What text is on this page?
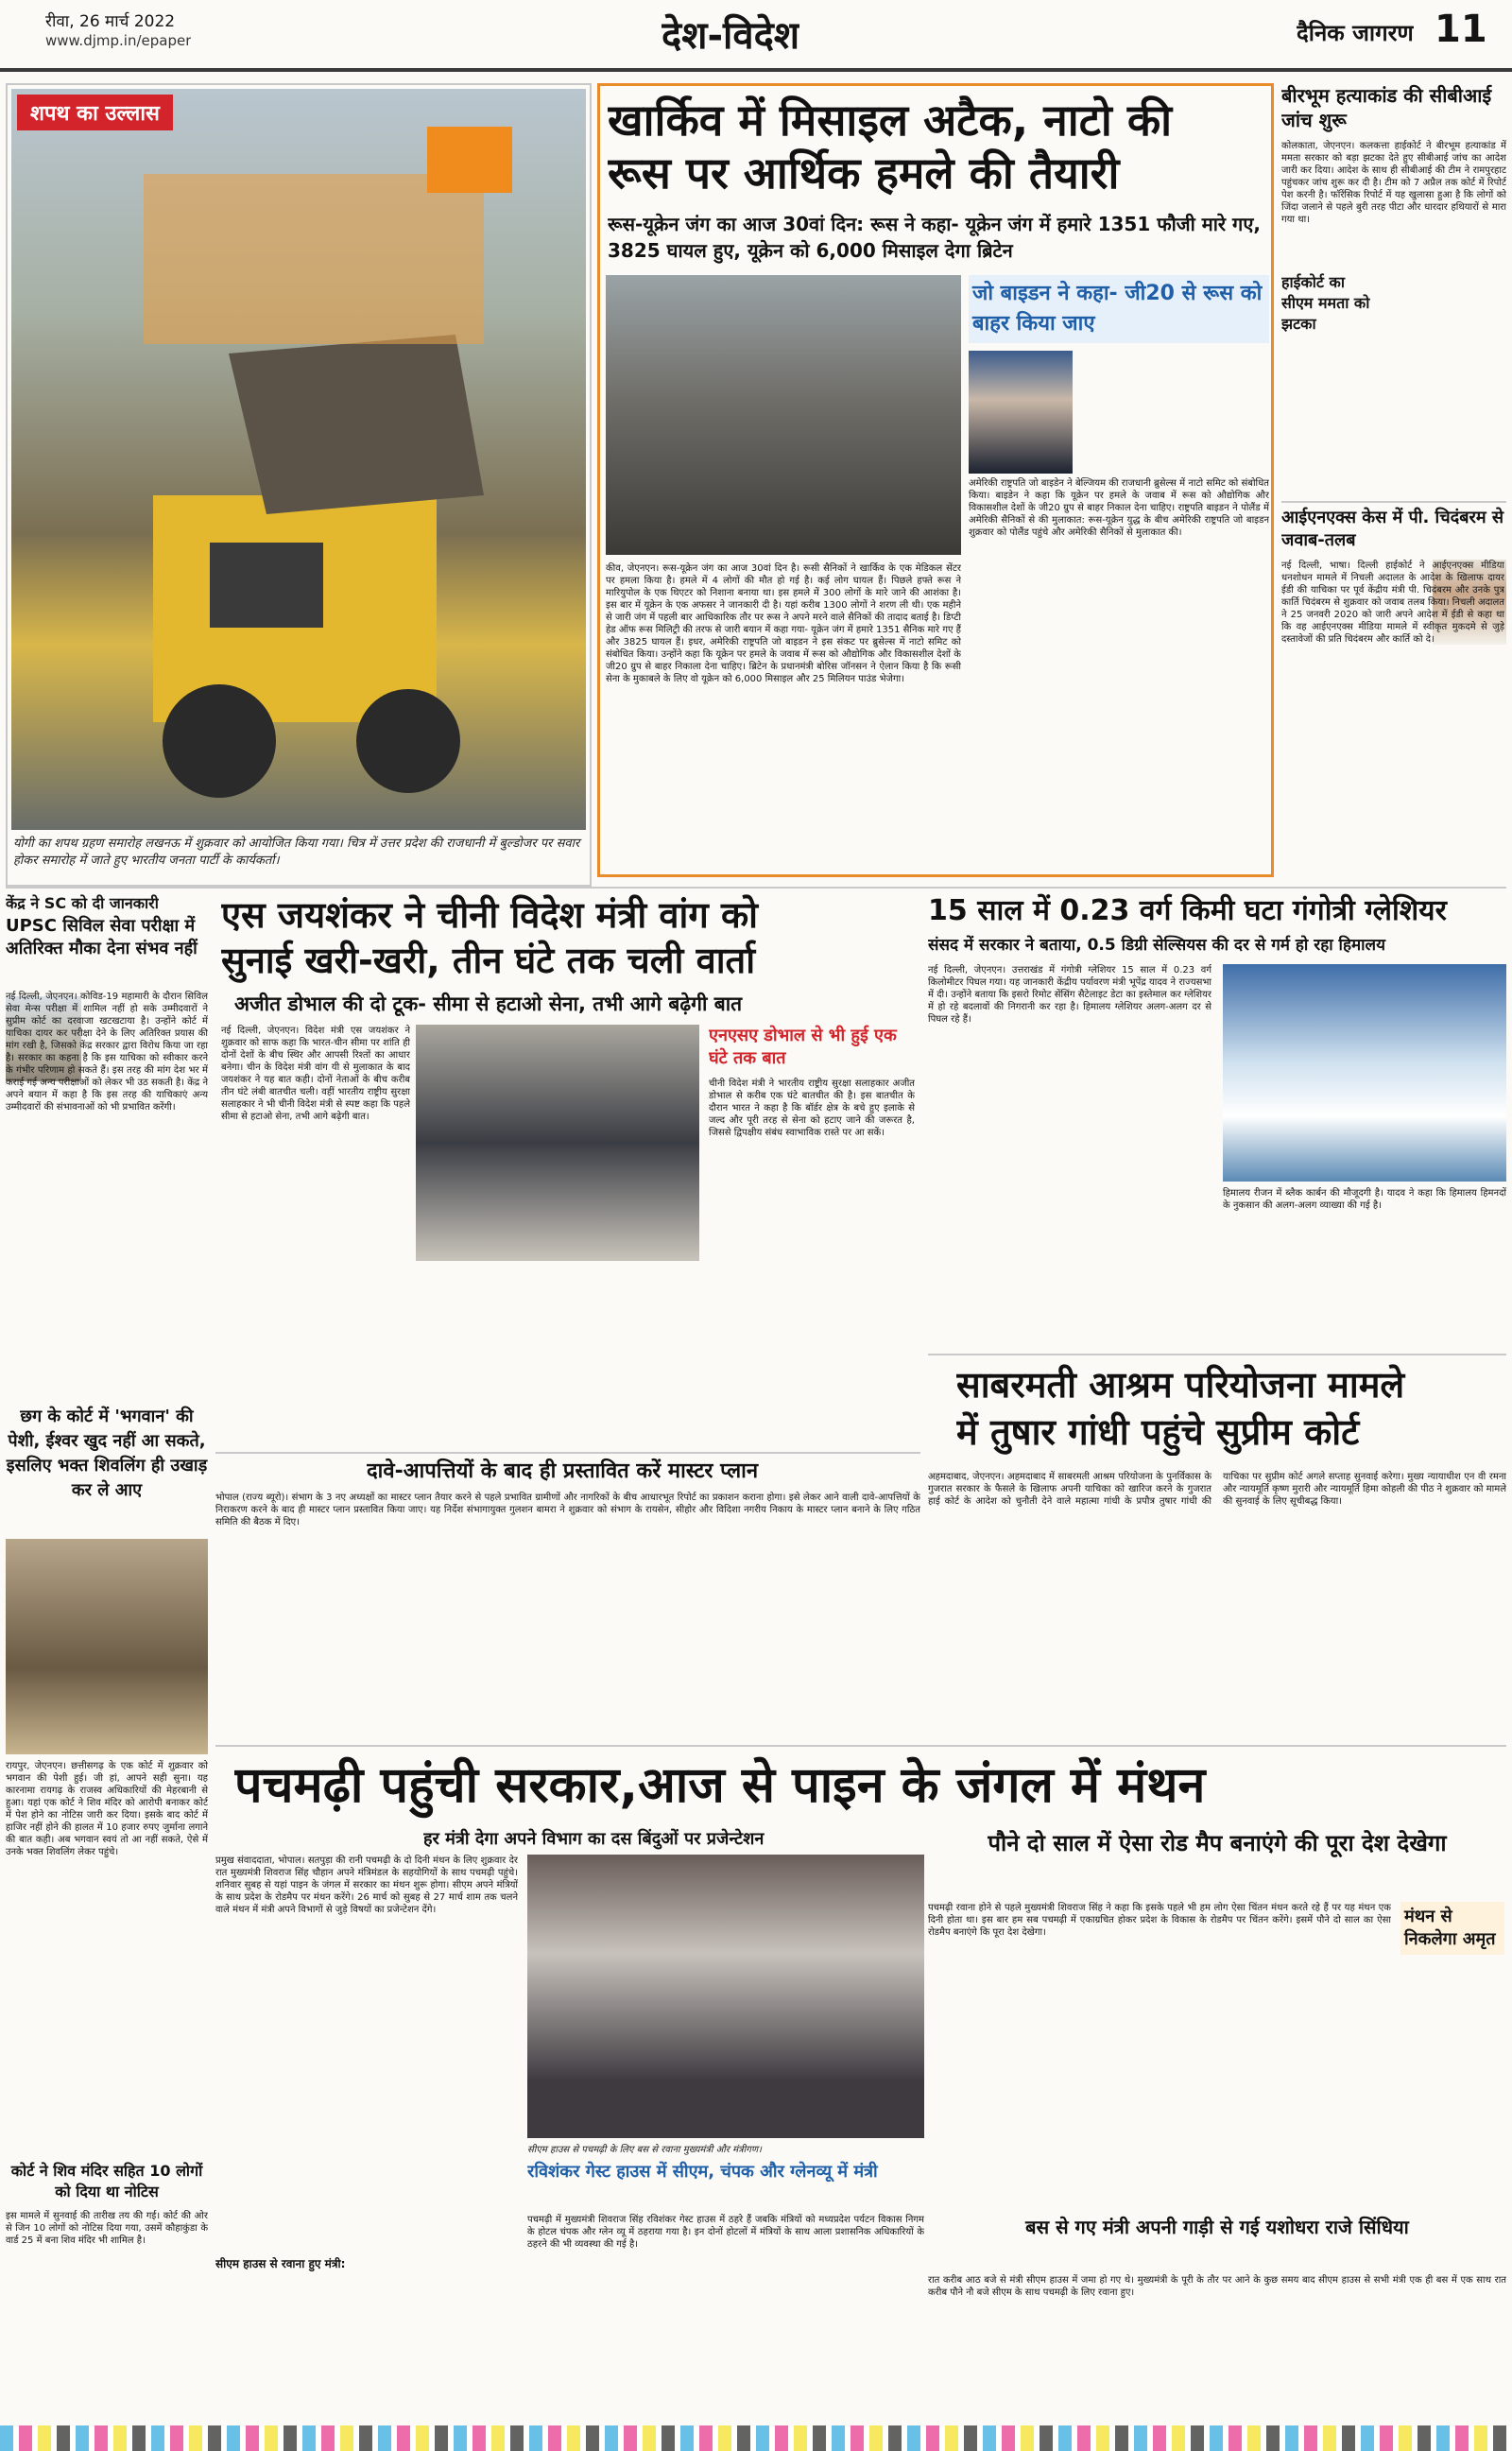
रीवा, 26 मार्च 2022
www.djmp.in/epaper	देश-विदेश	दैनिक जागरण 11
शपथ का उल्लास
योगी का शपथ ग्रहण समारोह लखनऊ में शुक्रवार को आयोजित किया गया। चित्र में उत्तर प्रदेश की राजधानी में बुल्डोजर पर सवार होकर समारोह में जाते हुए भारतीय जनता पार्टी के कार्यकर्ता।
खार्किव में मिसाइल अटैक, नाटो की
रूस पर आर्थिक हमले की तैयारी
रूस-यूक्रेन जंग का आज 30वां दिन: रूस ने कहा- यूक्रेन जंग में हमारे 1351 फौजी मारे गए, 3825 घायल हुए, यूक्रेन को 6,000 मिसाइल देगा ब्रिटेन
जो बाइडन ने कहा- जी20 से रूस को बाहर किया जाए
अमेरिकी राष्ट्रपति जो बाइडेन ने बेल्जियम की राजधानी ब्रुसेल्स में नाटो समिट को संबोधित किया। बाइडेन ने कहा कि यूक्रेन पर हमले के जवाब में रूस को औद्योगिक और विकासशील देशों के जी20 ग्रुप से बाहर निकाल देना चाहिए। राष्ट्रपति बाइडन ने पोलैंड में अमेरिकी सैनिकों से की मुलाकात: रूस-यूक्रेन युद्ध के बीच अमेरिकी राष्ट्रपति जो बाइडन शुक्रवार को पोलैंड पहुंचे और अमेरिकी सैनिकों से मुलाकात की।
कीव, जेएनएन। रूस-यूक्रेन जंग का आज 30वां दिन है। रूसी सैनिकों ने खार्किव के एक मेडिकल सेंटर पर हमला किया है। हमले में 4 लोगों की मौत हो गई है। कई लोग घायल हैं। पिछले हफ्ते रूस ने मारियुपोल के एक थिएटर को निशाना बनाया था। इस हमले में 300 लोगों के मारे जाने की आशंका है। इस बार में यूक्रेन के एक अफसर ने जानकारी दी है। यहां करीब 1300 लोगों ने शरण ली थी। एक महीने से जारी जंग में पहली बार आधिकारिक तौर पर रूस ने अपने मरने वाले सैनिकों की तादाद बताई है। डिप्टी हेड ऑफ रूस मिलिट्री की तरफ से जारी बयान में कहा गया- यूक्रेन जंग में हमारे 1351 सैनिक मारे गए हैं और 3825 घायल हैं। इधर, अमेरिकी राष्ट्रपति जो बाइडन ने इस संकट पर ब्रुसेल्स में नाटो समिट को संबोधित किया। उन्होंने कहा कि यूक्रेन पर हमले के जवाब में रूस को औद्योगिक और विकासशील देशों के जी20 ग्रुप से बाहर निकाला देना चाहिए। ब्रिटेन के प्रधानमंत्री बोरिस जॉनसन ने ऐलान किया है कि रूसी सेना के मुकाबले के लिए वो यूक्रेन को 6,000 मिसाइल और 25 मिलियन पाउंड भेजेगा।
बीरभूम हत्याकांड की सीबीआई जांच शुरू
हाईकोर्ट का सीएम ममता को झटका
कोलकाता, जेएनएन। कलकत्ता हाईकोर्ट ने बीरभूम हत्याकांड में ममता सरकार को बड़ा झटका देते हुए सीबीआई जांच का आदेश जारी कर दिया। आदेश के साथ ही सीबीआई की टीम ने रामपुरहाट पहुंचकर जांच शुरू कर दी है। टीम को 7 अप्रैल तक कोर्ट में रिपोर्ट पेश करनी है। फॉरेंसिक रिपोर्ट में यह खुलासा हुआ है कि लोगों को जिंदा जलाने से पहले बुरी तरह पीटा और धारदार हथियारों से मारा गया था।
आईएनएक्स केस में पी. चिदंबरम से जवाब-तलब
नई दिल्ली, भाषा। दिल्ली हाईकोर्ट ने आईएनएक्स मीडिया धनशोधन मामले में निचली अदालत के आदेश के खिलाफ दायर ईडी की याचिका पर पूर्व केंद्रीय मंत्री पी. चिदंबरम और उनके पुत्र कार्ति चिदंबरम से शुक्रवार को जवाब तलब किया। निचली अदालत ने 25 जनवरी 2020 को जारी अपने आदेश में ईडी से कहा था कि वह आईएनएक्स मीडिया मामले में स्वीकृत मुकदमे से जुड़े दस्तावेजों की प्रति चिदंबरम और कार्ति को दे।
केंद्र ने SC को दी जानकारी
UPSC सिविल सेवा परीक्षा में अतिरिक्त मौका देना संभव नहीं
नई दिल्ली, जेएनएन। कोविड-19 महामारी के दौरान सिविल सेवा मेन्स परीक्षा में शामिल नहीं हो सके उम्मीदवारों ने सुप्रीम कोर्ट का दरवाजा खटखटाया है। उन्होंने कोर्ट में याचिका दायर कर परीक्षा देने के लिए अतिरिक्त प्रयास की मांग रखी है, जिसको केंद्र सरकार द्वारा विरोध किया जा रहा है। सरकार का कहना है कि इस याचिका को स्वीकार करने के गंभीर परिणाम हो सकते हैं। इस तरह की मांग देश भर में कराई गई अन्य परीक्षाओं को लेकर भी उठ सकती है। केंद्र ने अपने बयान में कहा है कि इस तरह की याचिकाएं अन्य उम्मीदवारों की संभावनाओं को भी प्रभावित करेंगी।
एस जयशंकर ने चीनी विदेश मंत्री वांग को
सुनाई खरी-खरी, तीन घंटे तक चली वार्ता
अजीत डोभाल की दो टूक- सीमा से हटाओ सेना, तभी आगे बढ़ेगी बात
नई दिल्ली, जेएनएन। विदेश मंत्री एस जयशंकर ने शुक्रवार को साफ कहा कि भारत-चीन सीमा पर शांति ही दोनों देशों के बीच स्थिर और आपसी रिश्तों का आधार बनेगा। चीन के विदेश मंत्री वांग यी से मुलाकात के बाद जयशंकर ने यह बात कही। दोनों नेताओं के बीच करीब तीन घंटे लंबी बातचीत चली। वहीं भारतीय राष्ट्रीय सुरक्षा सलाहकार ने भी चीनी विदेश मंत्री से स्पष्ट कहा कि पहले सीमा से हटाओ सेना, तभी आगे बढ़ेगी बात।
एनएसए डोभाल से भी हुई एक घंटे तक बात
चीनी विदेश मंत्री ने भारतीय राष्ट्रीय सुरक्षा सलाहकार अजीत डोभाल से करीब एक घंटे बातचीत की है। इस बातचीत के दौरान भारत ने कहा है कि बॉर्डर क्षेत्र के बचे हुए इलाके से जल्द और पूरी तरह से सेना को हटाए जाने की जरूरत है, जिससे द्विपक्षीय संबंध स्वाभाविक रास्ते पर आ सकें।
15 साल में 0.23 वर्ग किमी घटा गंगोत्री ग्लेशियर
संसद में सरकार ने बताया, 0.5 डिग्री सेल्सियस की दर से गर्म हो रहा हिमालय
नई दिल्ली, जेएनएन। उत्तराखंड में गंगोत्री ग्लेशियर 15 साल में 0.23 वर्ग किलोमीटर पिघल गया। यह जानकारी केंद्रीय पर्यावरण मंत्री भूपेंद्र यादव ने राज्यसभा में दी। उन्होंने बताया कि इसरो रिमोट सेंसिंग सैटेलाइट डेटा का इस्तेमाल कर ग्लेशियर में हो रहे बदलावों की निगरानी कर रहा है। हिमालय ग्लेशियर अलग-अलग दर से पिघल रहे हैं।
हिमालय रीजन में ब्लैक कार्बन की मौजूदगी है। यादव ने कहा कि हिमालय हिमनदों के नुकसान की अलग-अलग व्याख्या की गई है।
साबरमती आश्रम परियोजना मामले
में तुषार गांधी पहुंचे सुप्रीम कोर्ट
अहमदाबाद, जेएनएन। अहमदाबाद में साबरमती आश्रम परियोजना के पुनर्विकास के गुजरात सरकार के फैसले के खिलाफ अपनी याचिका को खारिज करने के गुजरात हाई कोर्ट के आदेश को चुनौती देने वाले महात्मा गांधी के प्रपौत्र तुषार गांधी की याचिका पर सुप्रीम कोर्ट अगले सप्ताह सुनवाई करेगा। मुख्य न्यायाधीश एन वी रमना और न्यायमूर्ति कृष्ण मुरारी और न्यायमूर्ति हिमा कोहली की पीठ ने शुक्रवार को मामले की सुनवाई के लिए सूचीबद्ध किया।
छग के कोर्ट में 'भगवान' की पेशी, ईश्वर खुद नहीं आ सकते, इसलिए भक्त शिवलिंग ही उखाड़ कर ले आए
रायपुर, जेएनएन। छत्तीसगढ़ के एक कोर्ट में शुक्रवार को भगवान की पेशी हुई। जी हां, आपने सही सुना। यह कारनामा रायगढ़ के राजस्व अधिकारियों की मेहरबानी से हुआ। यहां एक कोर्ट ने शिव मंदिर को आरोपी बनाकर कोर्ट में पेश होने का नोटिस जारी कर दिया। इसके बाद कोर्ट में हाजिर नहीं होने की हालत में 10 हजार रुपए जुर्माना लगाने की बात कही। अब भगवान स्वयं तो आ नहीं सकते, ऐसे में उनके भक्त शिवलिंग लेकर पहुंचे।
कोर्ट ने शिव मंदिर सहित 10 लोगों को दिया था नोटिस
इस मामले में सुनवाई की तारीख तय की गई। कोर्ट की ओर से जिन 10 लोगों को नोटिस दिया गया, उसमें कौहाकुंडा के वार्ड 25 में बना शिव मंदिर भी शामिल है।
दावे-आपत्तियों के बाद ही प्रस्तावित करें मास्टर प्लान
भोपाल (राज्य ब्यूरो)। संभाग के 3 नए अध्यक्षों का मास्टर प्लान तैयार करने से पहले प्रभावित ग्रामीणों और नागरिकों के बीच आधारभूत रिपोर्ट का प्रकाशन कराना होगा। इसे लेकर आने वाली दावे-आपत्तियों के निराकरण करने के बाद ही मास्टर प्लान प्रस्तावित किया जाए। यह निर्देश संभागायुक्त गुलशन बामरा ने शुक्रवार को संभाग के रायसेन, सीहोर और विदिशा नगरीय निकाय के मास्टर प्लान बनाने के लिए गठित समिति की बैठक में दिए।
पचमढ़ी पहुंची सरकार,आज से पाइन के जंगल में मंथन
हर मंत्री देगा अपने विभाग का दस बिंदुओं पर प्रजेन्टेशन
प्रमुख संवाददाता, भोपाल। सतपुड़ा की रानी पचमढ़ी के दो दिनी मंथन के लिए शुक्रवार देर रात मुख्यमंत्री शिवराज सिंह चौहान अपने मंत्रिमंडल के सहयोगियों के साथ पचमढ़ी पहुंचे। शनिवार सुबह से यहां पाइन के जंगल में सरकार का मंथन शुरू होगा। सीएम अपने मंत्रियों के साथ प्रदेश के रोडमैप पर मंथन करेंगे। 26 मार्च को सुबह से 27 मार्च शाम तक चलने वाले मंथन में मंत्री अपने विभागों से जुड़े विषयों का प्रजेन्टेशन देंगे।
सीएम हाउस से पचमढ़ी के लिए बस से रवाना मुख्यमंत्री और मंत्रीगण।
रविशंकर गेस्ट हाउस में सीएम, चंपक और ग्लेनव्यू में मंत्री
पचमढ़ी में मुख्यमंत्री शिवराज सिंह रविशंकर गेस्ट हाउस में ठहरे हैं जबकि मंत्रियों को मध्यप्रदेश पर्यटन विकास निगम के होटल चंपक और ग्लेन व्यू में ठहराया गया है। इन दोनों होटलों में मंत्रियों के साथ आला प्रशासनिक अधिकारियों के ठहरने की भी व्यवस्था की गई है।
सीएम हाउस से रवाना हुए मंत्री:
पौने दो साल में ऐसा रोड मैप बनाएंगे की पूरा देश देखेगा
मंथन से निकलेगा अमृत
पचमढ़ी रवाना होने से पहले मुख्यमंत्री शिवराज सिंह ने कहा कि इसके पहले भी हम लोग ऐसा चिंतन मंथन करते रहे हैं पर यह मंथन एक दिनी होता था। इस बार हम सब पचमढ़ी में एकाग्रचित होकर प्रदेश के विकास के रोडमैप पर चिंतन करेंगे। इसमें पौने दो साल का ऐसा रोडमैप बनाएंगे कि पूरा देश देखेगा।
बस से गए मंत्री अपनी गाड़ी से गई यशोधरा राजे सिंधिया
रात करीब आठ बजे से मंत्री सीएम हाउस में जमा हो गए थे। मुख्यमंत्री के पूरी के तौर पर आने के कुछ समय बाद सीएम हाउस से सभी मंत्री एक ही बस में एक साथ रात करीब पौने नौ बजे सीएम के साथ पचमढ़ी के लिए रवाना हुए।
